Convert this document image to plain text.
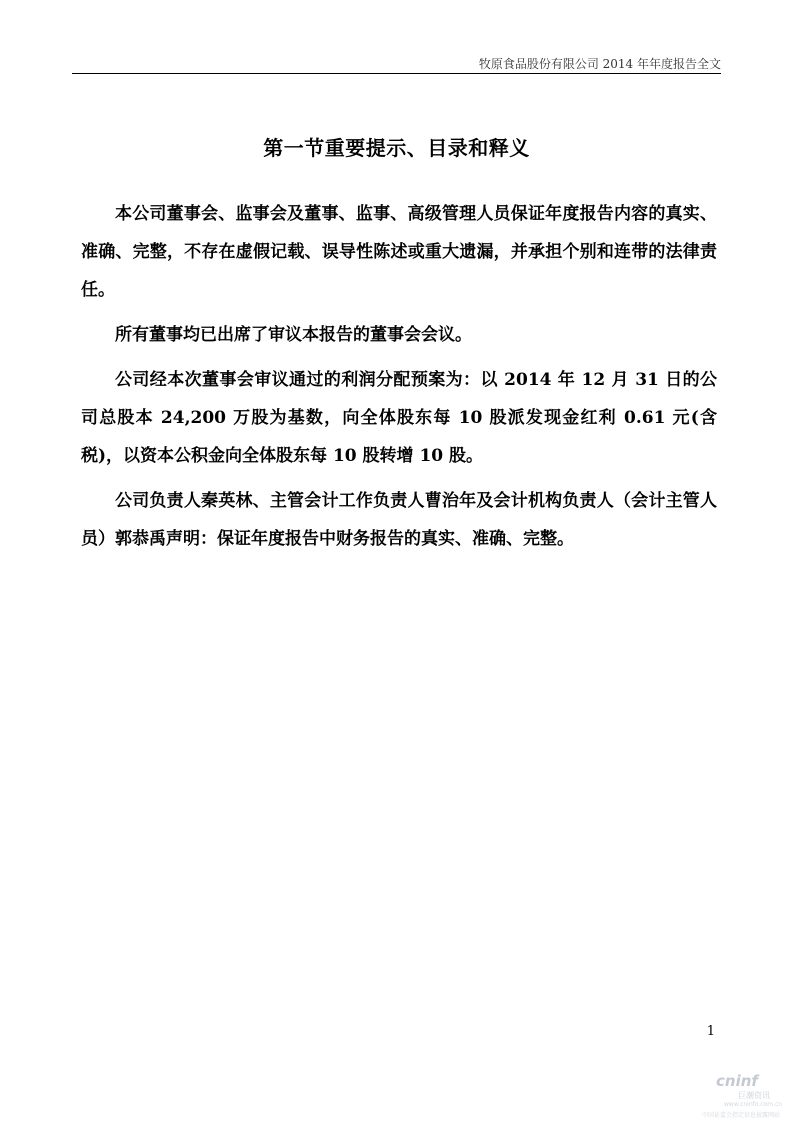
牧原食品股份有限公司 2014 年年度报告全文
第一节重要提示、目录和释义

本公司董事会、监事会及董事、监事、高级管理人员保证年度报告内容的真实、准确、完整，不存在虚假记载、误导性陈述或重大遗漏，并承担个别和连带的法律责任。

所有董事均已出席了审议本报告的董事会会议。

公司经本次董事会审议通过的利润分配预案为：以 2014 年 12 月 31 日的公司总股本 24,200 万股为基数，向全体股东每 10 股派发现金红利 0.61 元(含税)，以资本公积金向全体股东每 10 股转增 10 股。

公司负责人秦英林、主管会计工作负责人曹治年及会计机构负责人（会计主管人员）郭恭禹声明：保证年度报告中财务报告的真实、准确、完整。

1
cninf
巨潮资讯
www.cninfo.com.cn
中国证监会指定信息披露网站
